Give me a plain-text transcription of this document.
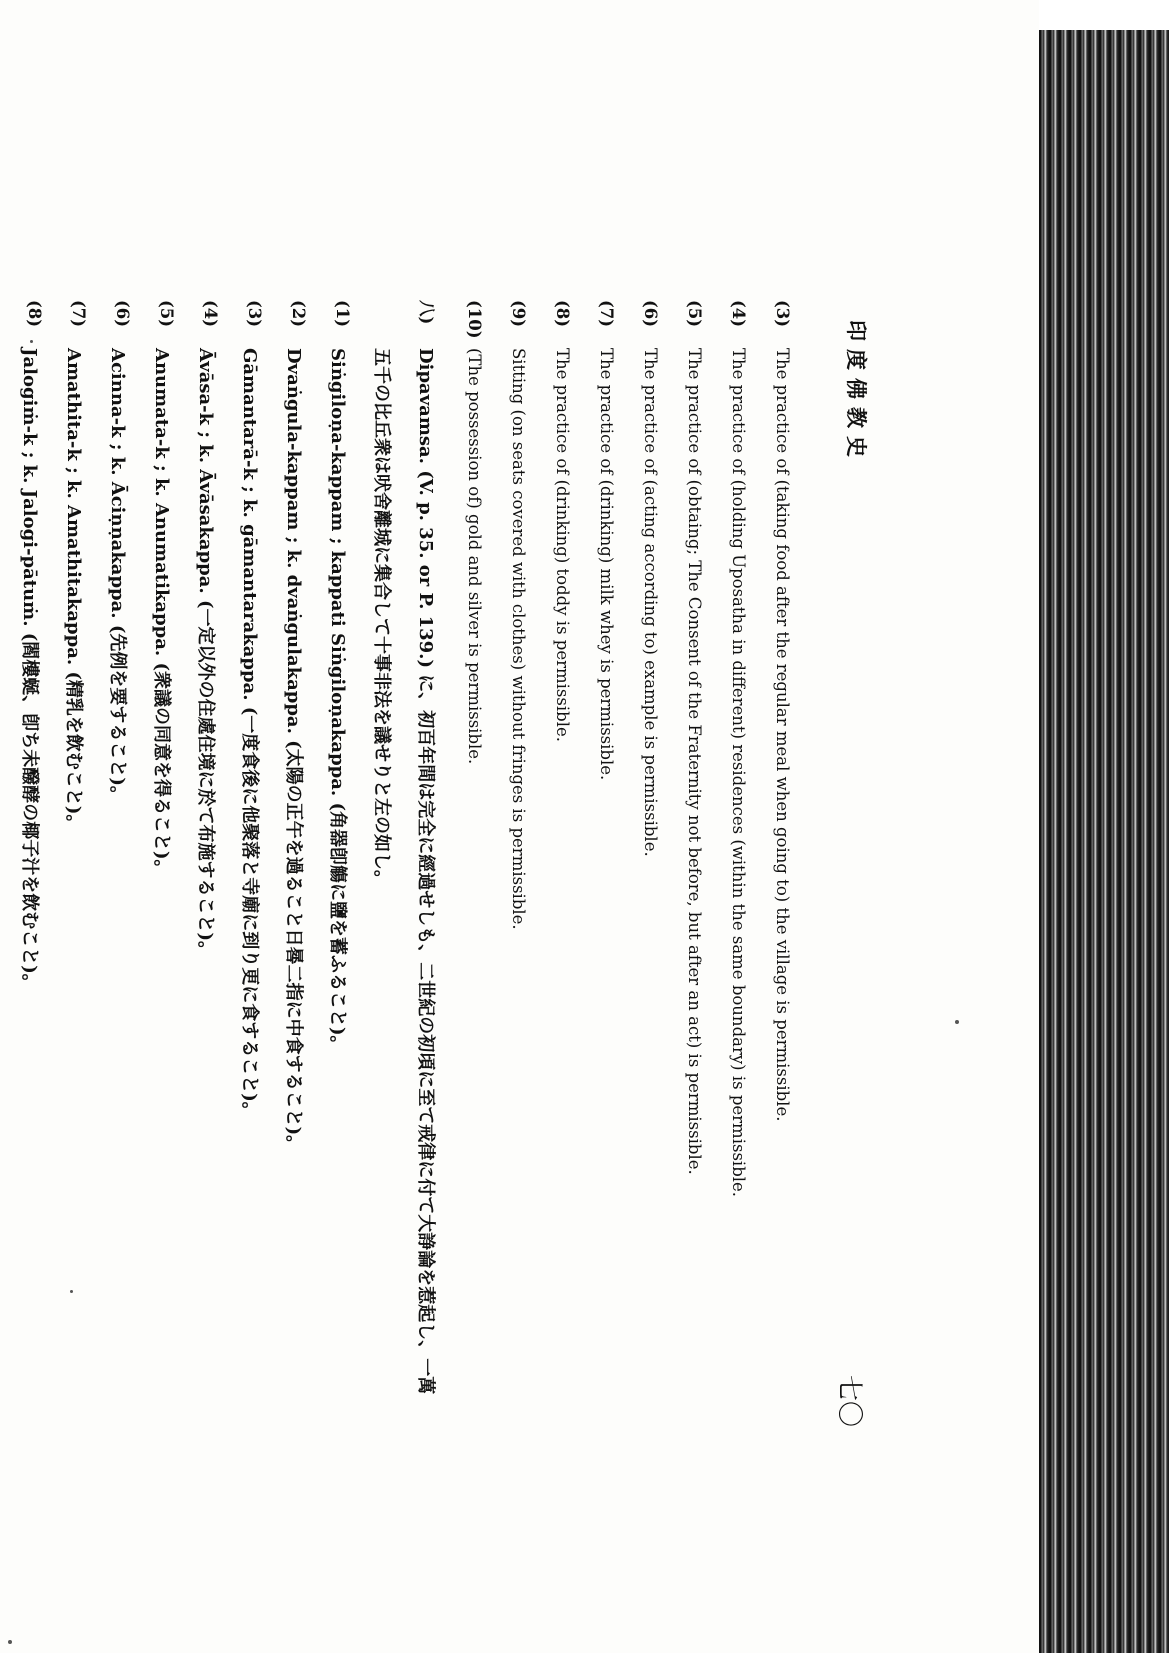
印度佛教史
七〇
(3)
The practice of (taking food after the regular meal when going to) the village is permissible.
(4)
The practice of (holding Uposatha in different) residences (within the same boundary) is permissible.
(5)
The practice of (obtaing; The Consent of the Fraternity not before, but after an act) is permissible.
(6)
The practice of (acting according to) example is permissible.
(7)
The practice of (drinking) milk whey is permissible.
(8)
The practice of (drinking) toddy is permissible.
(9)
Sitting (on seats covered with clothes) without fringes is permissible.
(10)
(The possession of) gold and silver is permissible.
八)
Dipavamsa. (V. p. 35. or P. 139.) に、初百年間は完全に經過せしも、二世紀の初頃に至て戒律に付て大諍論を惹起し、一萬
五千の比丘衆は吠舍離城に集合して十事非法を議せりと左の如し。
(1)
Siṅgiloṇa-kappam ; kappati Siṅgiloṇakappa. (角器卽觴に鹽を蓄ふること)。
(2)
Dvaṅgula-kappam ; k. dvaṅgulakappa. (太陽の正午を過ること日晷二指に中食すること)。
(3)
Gāmantarā-k ; k. gāmantarakappa. (一度食後に他聚落と寺廟に到り更に食すること)。
(4)
Āvāsa-k ; k. Āvāsakappa. (一定以外の住處住境に於て布施すること)。
(5)
Anumata-k ; k. Anumatikappa. (衆議の同意を得ること)。
(6)
Acinna-k ; k. Āciṇṇakappa. (先例を要すること)。
(7)
Amathita-k ; k. Amathitakappa. (精乳を飲むこと)。
(8)
Jalogiṁ-k ; k. Jalogi-pātuṁ. (閻樓蜒、卽ち未醱酵の椰子汁を飲むこと)。
